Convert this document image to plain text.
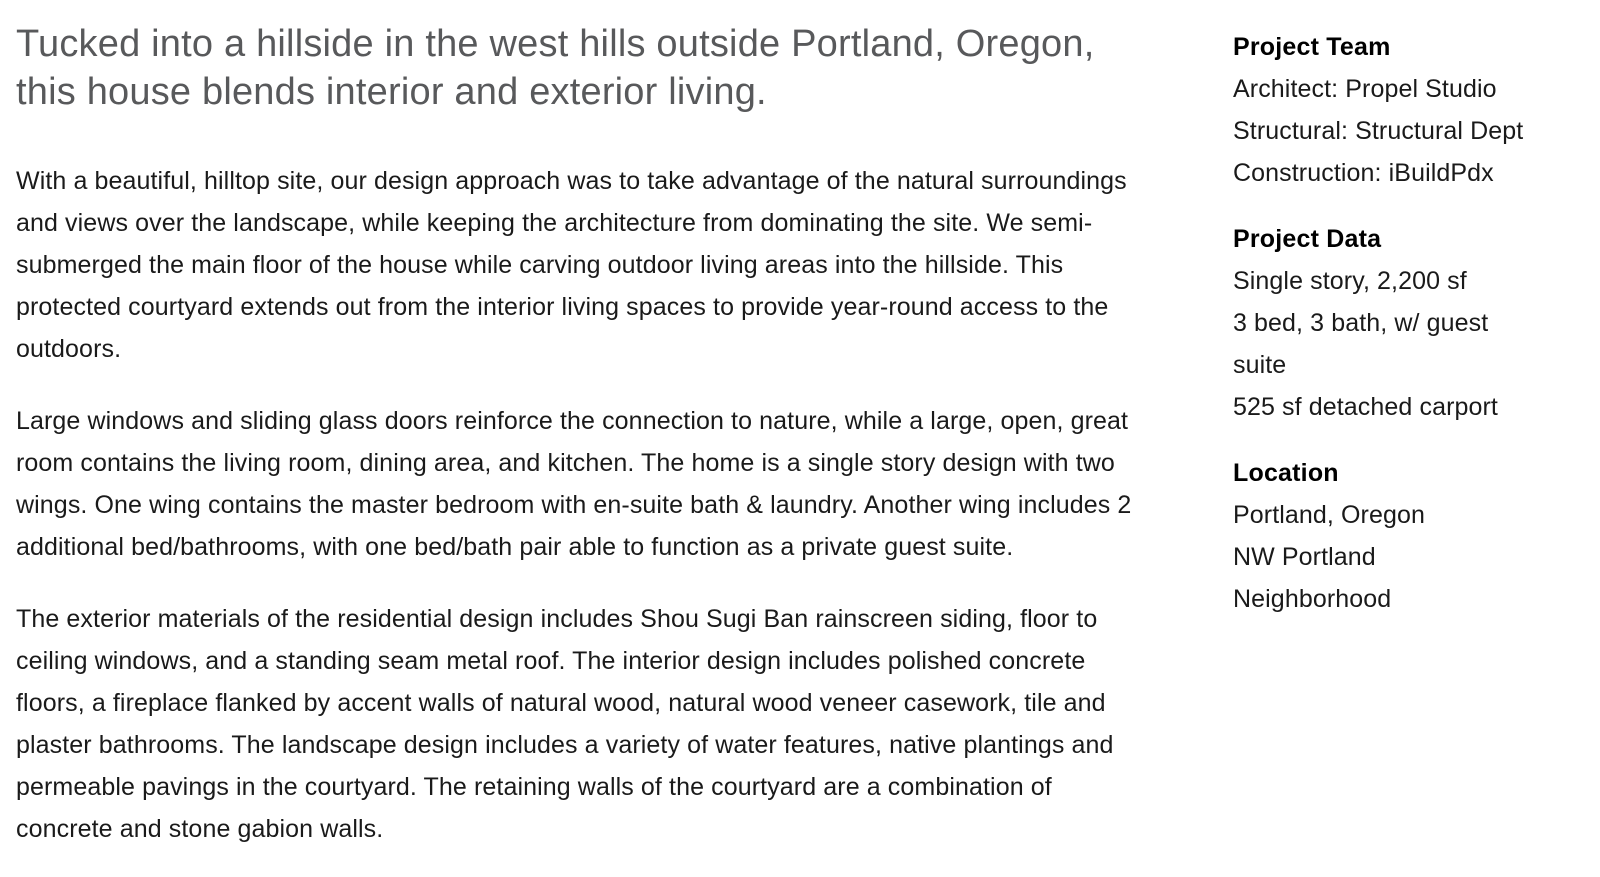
Tucked into a hillside in the west hills outside Portland, Oregon, this house blends interior and exterior living.

With a beautiful, hilltop site, our design approach was to take advantage of the natural surroundings and views over the landscape, while keeping the architecture from dominating the site. We semi-submerged the main floor of the house while carving outdoor living areas into the hillside. This protected courtyard extends out from the interior living spaces to provide year-round access to the outdoors.

Large windows and sliding glass doors reinforce the connection to nature, while a large, open, great room contains the living room, dining area, and kitchen. The home is a single story design with two wings. One wing contains the master bedroom with en-suite bath & laundry. Another wing includes 2 additional bed/bathrooms, with one bed/bath pair able to function as a private guest suite.

The exterior materials of the residential design includes Shou Sugi Ban rainscreen siding, floor to ceiling windows, and a standing seam metal roof. The interior design includes polished concrete floors, a fireplace flanked by accent walls of natural wood, natural wood veneer casework, tile and plaster bathrooms. The landscape design includes a variety of water features, native plantings and permeable pavings in the courtyard. The retaining walls of the courtyard are a combination of concrete and stone gabion walls.

Project Team
Architect: Propel Studio
Structural: Structural Dept
Construction: iBuildPdx
Project Data
Single story, 2,200 sf
3 bed, 3 bath, w/ guest suite
525 sf detached carport
Location
Portland, Oregon
NW Portland Neighborhood
